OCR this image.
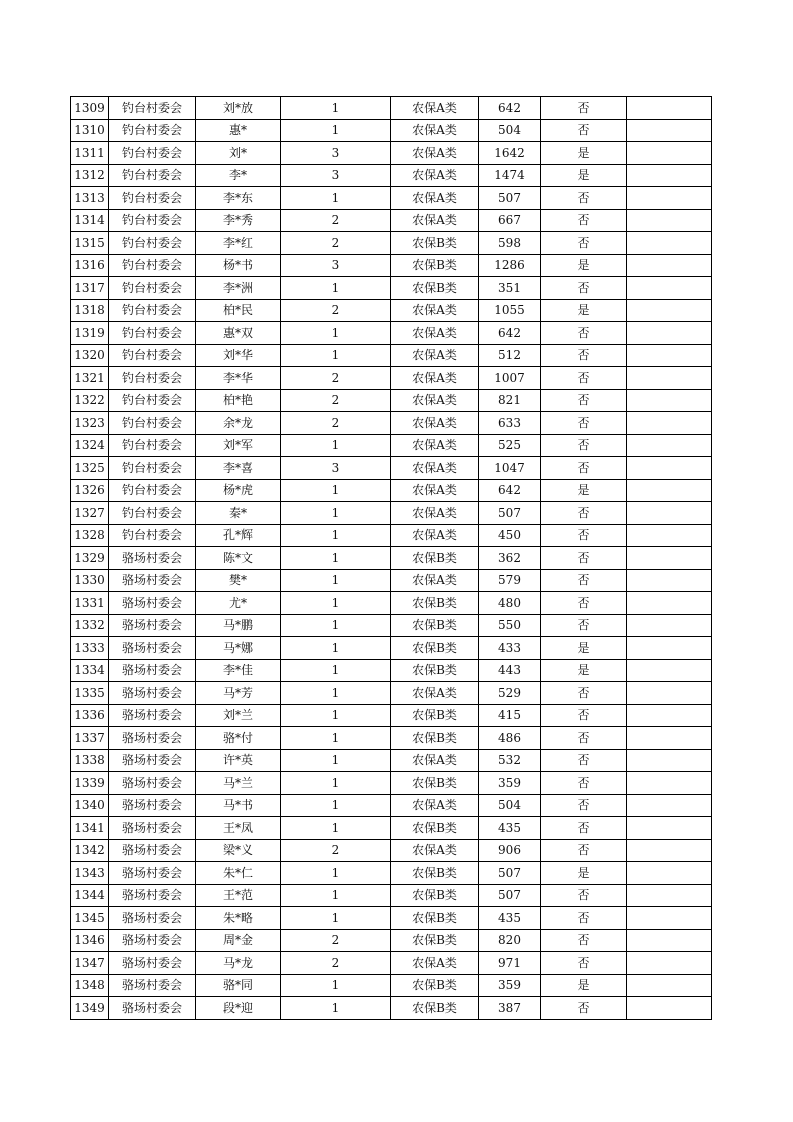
1309	钓台村委会	刘*放	1	农保A类	642	否	
1310	钓台村委会	惠*	1	农保A类	504	否	
1311	钓台村委会	刘*	3	农保A类	1642	是	
1312	钓台村委会	李*	3	农保A类	1474	是	
1313	钓台村委会	李*东	1	农保A类	507	否	
1314	钓台村委会	李*秀	2	农保A类	667	否	
1315	钓台村委会	李*红	2	农保B类	598	否	
1316	钓台村委会	杨*书	3	农保B类	1286	是	
1317	钓台村委会	李*洲	1	农保B类	351	否	
1318	钓台村委会	柏*民	2	农保A类	1055	是	
1319	钓台村委会	惠*双	1	农保A类	642	否	
1320	钓台村委会	刘*华	1	农保A类	512	否	
1321	钓台村委会	李*华	2	农保A类	1007	否	
1322	钓台村委会	柏*艳	2	农保A类	821	否	
1323	钓台村委会	余*龙	2	农保A类	633	否	
1324	钓台村委会	刘*军	1	农保A类	525	否	
1325	钓台村委会	李*喜	3	农保A类	1047	否	
1326	钓台村委会	杨*虎	1	农保A类	642	是	
1327	钓台村委会	秦*	1	农保A类	507	否	
1328	钓台村委会	孔*辉	1	农保A类	450	否	
1329	骆场村委会	陈*文	1	农保B类	362	否	
1330	骆场村委会	樊*	1	农保A类	579	否	
1331	骆场村委会	尤*	1	农保B类	480	否	
1332	骆场村委会	马*鹏	1	农保B类	550	否	
1333	骆场村委会	马*娜	1	农保B类	433	是	
1334	骆场村委会	李*佳	1	农保B类	443	是	
1335	骆场村委会	马*芳	1	农保A类	529	否	
1336	骆场村委会	刘*兰	1	农保B类	415	否	
1337	骆场村委会	骆*付	1	农保B类	486	否	
1338	骆场村委会	许*英	1	农保A类	532	否	
1339	骆场村委会	马*兰	1	农保B类	359	否	
1340	骆场村委会	马*书	1	农保A类	504	否	
1341	骆场村委会	王*凤	1	农保B类	435	否	
1342	骆场村委会	梁*义	2	农保A类	906	否	
1343	骆场村委会	朱*仁	1	农保B类	507	是	
1344	骆场村委会	王*范	1	农保B类	507	否	
1345	骆场村委会	朱*略	1	农保B类	435	否	
1346	骆场村委会	周*金	2	农保B类	820	否	
1347	骆场村委会	马*龙	2	农保A类	971	否	
1348	骆场村委会	骆*同	1	农保B类	359	是	
1349	骆场村委会	段*迎	1	农保B类	387	否	
